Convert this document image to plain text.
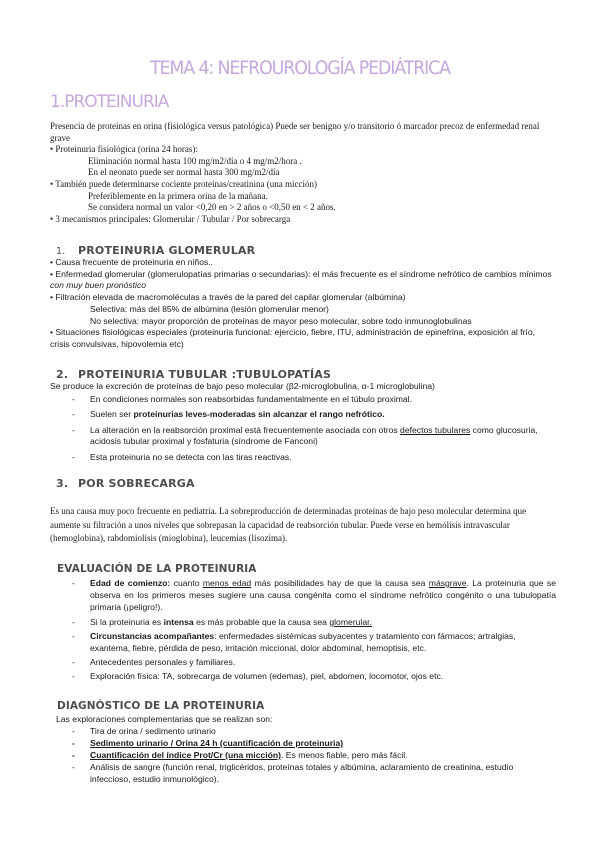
TEMA 4: NEFROUROLOGÍA PEDIÁTRICA
1.PROTEINURIA

Presencia de proteínas en orina (fisiológica versus patológica) Puede ser benigno y/o transitorio ó marcador precoz de enfermedad renal grave

• Proteinuria fisiológica (orina 24 horas):

Eliminación normal hasta 100 mg/m2/día o 4 mg/m2/hora .

En el neonato puede ser normal hasta 300 mg/m2/día

• También puede determinarse cociente proteínas/creatinina (una micción)

Preferiblemente en la primera orina de la mañana.

Se considera normal un valor <0,20 en > 2 años o <0,50 en < 2 años.

• 3 mecanismos principales: Glomerular / Tubular / Por sobrecarga

1. PROTEINURIA GLOMERULAR

• Causa frecuente de proteinuria en niños..

• Enfermedad glomerular (glomerulopatías primarias o secundarias): el más frecuente es el síndrome nefrótico de cambios mínimos con muy buen pronóstico

• Filtración elevada de macromoléculas a través de la pared del capilar glomerular (albúmina)

Selectiva: más del 85% de albúmina (lesión glomerular menor)

No selectiva: mayor proporción de proteínas de mayor peso molecular, sobre todo inmunoglobulinas

• Situaciones fisiológicas especiales (proteinuria funcional: ejercicio, fiebre, ITU, administración de epinefrina, exposición al frío, crisis convulsivas, hipovolemia etc)

2. PROTEINURIA TUBULAR :TUBULOPATÍAS

Se produce la excreción de proteínas de bajo peso molecular (β2-microglobulina, α-1 microglobulina)

- En condiciones normales son reabsorbidas fundamentalmente en el túbulo proximal.
- Suelen ser proteinurias leves-moderadas sin alcanzar el rango nefrótico.
- La alteración en la reabsorción proximal está frecuentemente asociada con otros defectos tubulares como glucosuria, acidosis tubular proximal y fosfaturia (síndrome de Fanconi)
- Esta proteinuria no se detecta con las tiras reactivas.
3. POR SOBRECARGA

Es una causa muy poco frecuente en pediatría. La sobreproducción de determinadas proteínas de bajo peso molecular determina que aumente su filtración a unos niveles que sobrepasan la capacidad de reabsorción tubular. Puede verse en hemólisis intravascular (hemoglobina), rabdomiolisis (mioglobina), leucemias (lisozima).

EVALUACIÓN DE LA PROTEINURIA
- Edad de comienzo: cuanto menos edad más posibilidades hay de que la causa sea másgrave. La proteinuria que se observa en los primeros meses sugiere una causa congénita como el síndrome nefrótico congénito o una tubulopatía primaria (¡peligro!).
- Si la proteinuria es intensa es más probable que la causa sea glomerular.
- Circunstancias acompañantes: enfermedades sistémicas subyacentes y tratamiento con fármacos; artralgias, exantema, fiebre, pérdida de peso, irritación miccional, dolor abdominal, hemoptisis, etc.
- Antecedentes personales y familiares.
- Exploración física: TA, sobrecarga de volumen (edemas), piel, abdomen, locomotor, ojos etc.
DIAGNÓSTICO DE LA PROTEINURIA

Las exploraciones complementarias que se realizan son:

- Tira de orina / sedimento urinario
- Sedimento urinario / Orina 24 h (cuantificación de proteinuria)
- Cuantificación del índice Prot/Cr (una micción). Es menos fiable, pero más fácil.
- Análisis de sangre (función renal, triglicéridos, proteínas totales y albúmina, aclaramiento de creatinina, estudio infeccioso, estudio inmunológico).
